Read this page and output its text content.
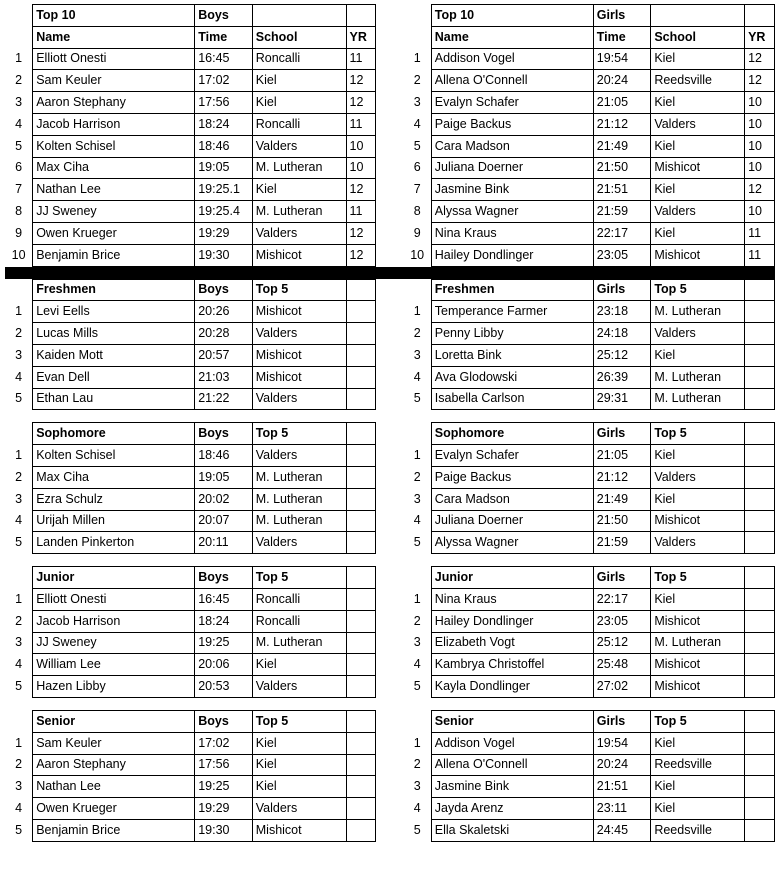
	Top 10	Boys					Top 10	Girls		
	Name	Time	School	YR			Name	Time	School	YR
1	Elliott Onesti	16:45	Roncalli	11		1	Addison Vogel	19:54	Kiel	12
2	Sam Keuler	17:02	Kiel	12		2	Allena O'Connell	20:24	Reedsville	12
3	Aaron Stephany	17:56	Kiel	12		3	Evalyn Schafer	21:05	Kiel	10
4	Jacob Harrison	18:24	Roncalli	11		4	Paige Backus	21:12	Valders	10
5	Kolten Schisel	18:46	Valders	10		5	Cara Madson	21:49	Kiel	10
6	Max Ciha	19:05	M. Lutheran	10		6	Juliana Doerner	21:50	Mishicot	10
7	Nathan Lee	19:25.1	Kiel	12		7	Jasmine Bink	21:51	Kiel	12
8	JJ Sweney	19:25.4	M. Lutheran	11		8	Alyssa Wagner	21:59	Valders	10
9	Owen Krueger	19:29	Valders	12		9	Nina Kraus	22:17	Kiel	11
10	Benjamin Brice	19:30	Mishicot	12		10	Hailey Dondlinger	23:05	Mishicot	11

	Freshmen	Boys	Top 5				Freshmen	Girls	Top 5	
1	Levi Eells	20:26	Mishicot			1	Temperance Farmer	23:18	M. Lutheran	
2	Lucas Mills	20:28	Valders			2	Penny Libby	24:18	Valders	
3	Kaiden Mott	20:57	Mishicot			3	Loretta Bink	25:12	Kiel	
4	Evan Dell	21:03	Mishicot			4	Ava Glodowski	26:39	M. Lutheran	
5	Ethan Lau	21:22	Valders			5	Isabella Carlson	29:31	M. Lutheran	

	Sophomore	Boys	Top 5				Sophomore	Girls	Top 5	
1	Kolten Schisel	18:46	Valders			1	Evalyn Schafer	21:05	Kiel	
2	Max Ciha	19:05	M. Lutheran			2	Paige Backus	21:12	Valders	
3	Ezra Schulz	20:02	M. Lutheran			3	Cara Madson	21:49	Kiel	
4	Urijah Millen	20:07	M. Lutheran			4	Juliana Doerner	21:50	Mishicot	
5	Landen Pinkerton	20:11	Valders			5	Alyssa Wagner	21:59	Valders	

	Junior	Boys	Top 5				Junior	Girls	Top 5	
1	Elliott Onesti	16:45	Roncalli			1	Nina Kraus	22:17	Kiel	
2	Jacob Harrison	18:24	Roncalli			2	Hailey Dondlinger	23:05	Mishicot	
3	JJ Sweney	19:25	M. Lutheran			3	Elizabeth Vogt	25:12	M. Lutheran	
4	William Lee	20:06	Kiel			4	Kambrya Christoffel	25:48	Mishicot	
5	Hazen Libby	20:53	Valders			5	Kayla Dondlinger	27:02	Mishicot	

	Senior	Boys	Top 5				Senior	Girls	Top 5	
1	Sam Keuler	17:02	Kiel			1	Addison Vogel	19:54	Kiel	
2	Aaron Stephany	17:56	Kiel			2	Allena O'Connell	20:24	Reedsville	
3	Nathan Lee	19:25	Kiel			3	Jasmine Bink	21:51	Kiel	
4	Owen Krueger	19:29	Valders			4	Jayda Arenz	23:11	Kiel	
5	Benjamin Brice	19:30	Mishicot			5	Ella Skaletski	24:45	Reedsville	
